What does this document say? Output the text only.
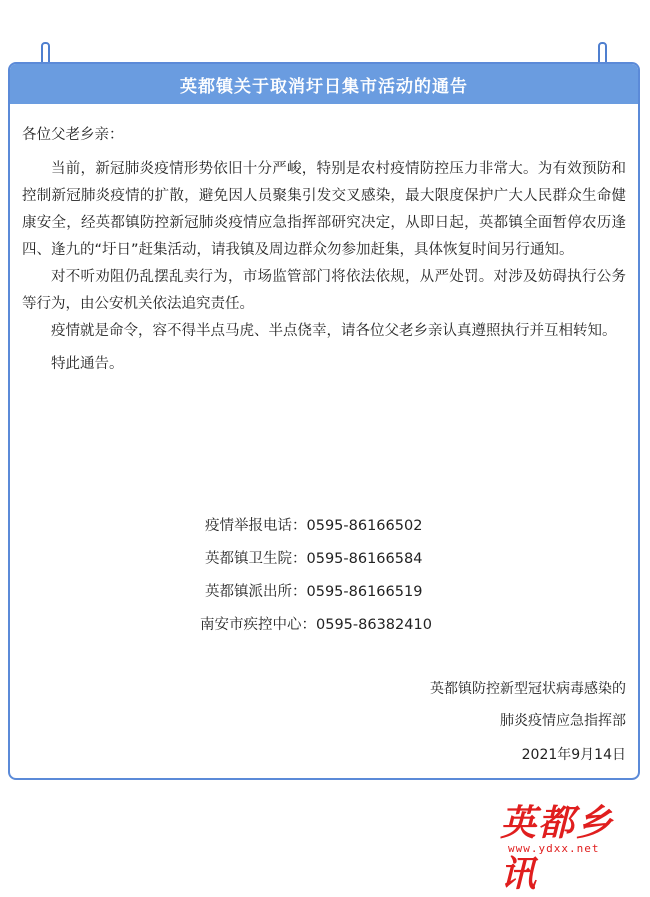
英都镇关于取消圩日集市活动的通告

各位父老乡亲：

当前，新冠肺炎疫情形势依旧十分严峻，特别是农村疫情防控压力非常大。为有效预防和控制新冠肺炎疫情的扩散，避免因人员聚集引发交叉感染，最大限度保护广大人民群众生命健康安全，经英都镇防控新冠肺炎疫情应急指挥部研究决定，从即日起，英都镇全面暂停农历逢四、逢九的“圩日”赶集活动，请我镇及周边群众勿参加赶集，具体恢复时间另行通知。

对不听劝阻仍乱摆乱卖行为，市场监管部门将依法依规，从严处罚。对涉及妨碍执行公务等行为，由公安机关依法追究责任。

疫情就是命令，容不得半点马虎、半点侥幸，请各位父老乡亲认真遵照执行并互相转知。

特此通告。

疫情举报电话：0595-86166502
英都镇卫生院：0595-86166584
英都镇派出所：0595-86166519
南安市疾控中心：0595-86382410
英都镇防控新型冠状病毒感染的
肺炎疫情应急指挥部
2021年9月14日
英都乡讯
www.ydxx.net
